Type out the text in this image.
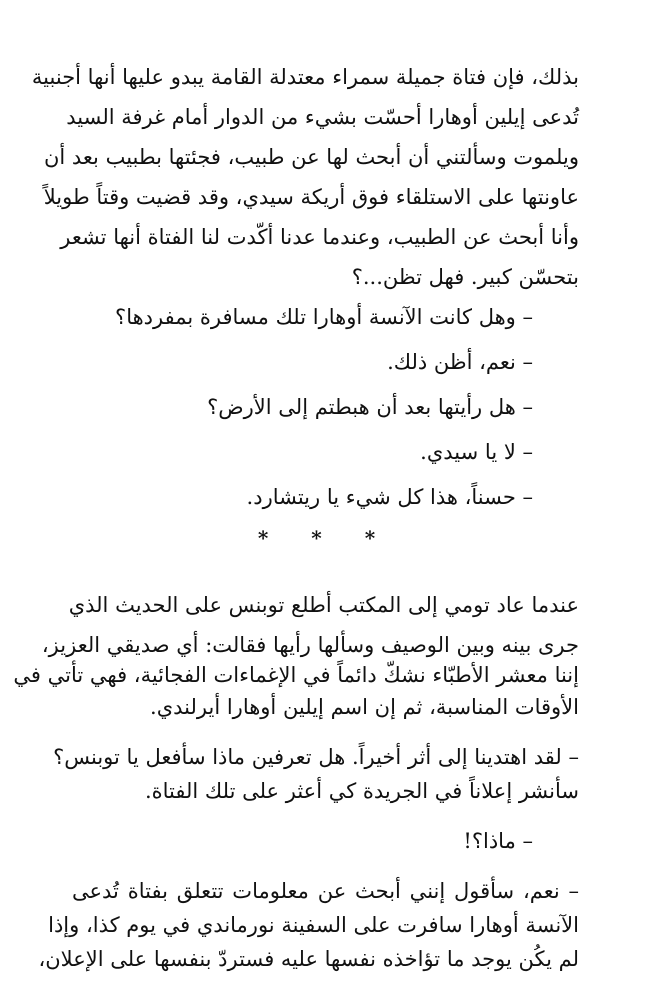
بذلك، فإن فتاة جميلة سمراء معتدلة القامة يبدو عليها أنها أجنبية
تُدعى إيلين أوهارا أحسّت بشيء من الدوار أمام غرفة السيد
ويلموت وسألتني أن أبحث لها عن طبيب، فجئتها بطبيب بعد أن
عاونتها على الاستلقاء فوق أريكة سيدي، وقد قضيت وقتاً طويلاً
وأنا أبحث عن الطبيب، وعندما عدنا أكّدت لنا الفتاة أنها تشعر
بتحسّن كبير. فهل تظن...؟
– وهل كانت الآنسة أوهارا تلك مسافرة بمفردها؟
– نعم، أظن ذلك.
– هل رأيتها بعد أن هبطتم إلى الأرض؟
– لا يا سيدي.
– حسناً، هذا كل شيء يا ريتشارد.
* * *
عندما عاد تومي إلى المكتب أطلع توبنس على الحديث الذي
جرى بينه وبين الوصيف وسألها رأيها فقالت: أي صديقي العزيز،
إننا معشر الأطبّاء نشكّ دائماً في الإغماءات الفجائية، فهي تأتي في
الأوقات المناسبة، ثم إن اسم إيلين أوهارا أيرلندي.
– لقد اهتدينا إلى أثر أخيراً. هل تعرفين ماذا سأفعل يا توبنس؟
سأنشر إعلاناً في الجريدة كي أعثر على تلك الفتاة.
– ماذا؟!
– نعم، سأقول إنني أبحث عن معلومات تتعلق بفتاة تُدعى
الآنسة أوهارا سافرت على السفينة نورماندي في يوم كذا، وإذا
لم يكُن يوجد ما تؤاخذه نفسها عليه فستردّ بنفسها على الإعلان،
